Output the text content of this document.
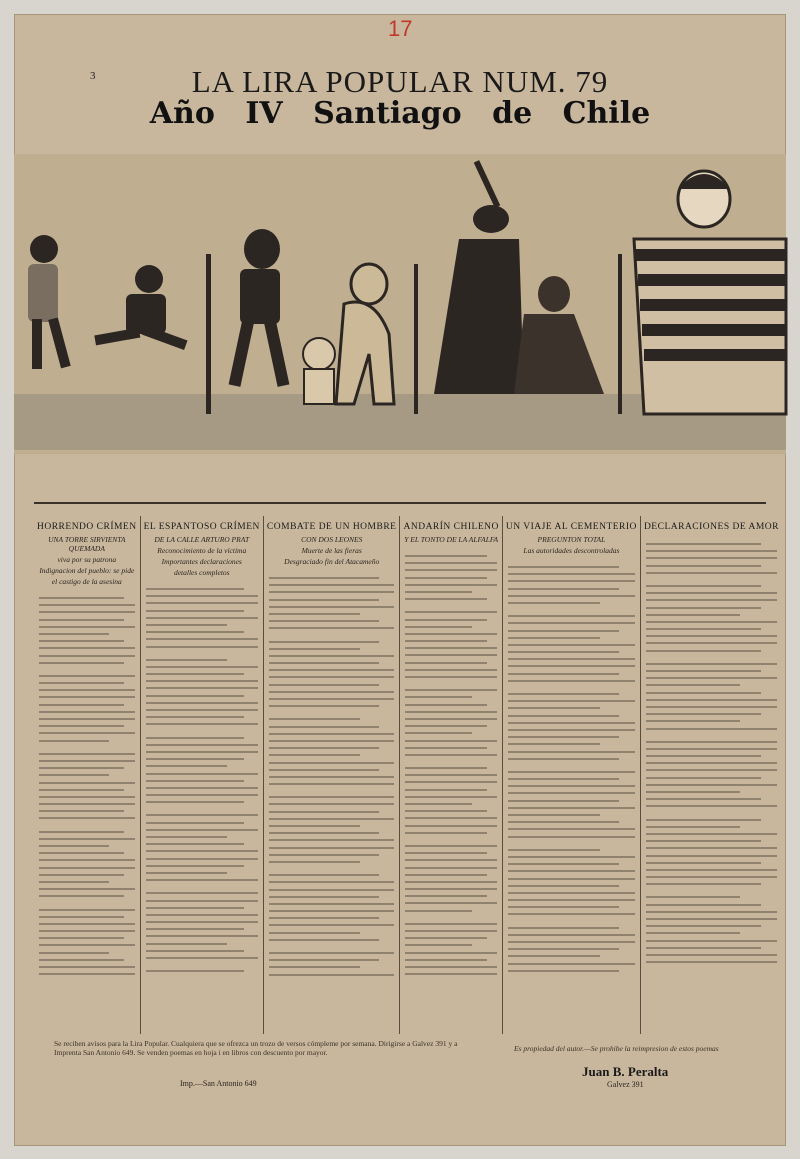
17
3	LA LIRA POPULAR NUM. 79
Año IV Santiago de Chile
HORRENDO CRÍMEN
UNA TORRE SIRVIENTA QUEMADA
viva por su patrona
Indignacion del pueblo: se pide
el castigo de la asesina
EL ESPANTOSO CRÍMEN
DE LA CALLE ARTURO PRAT
Reconocimiento de la víctima
Importantes declaraciones
detalles completos
COMBATE DE UN HOMBRE
CON DOS LEONES
Muerte de las fieras
Desgraciado fin del Atacameño
ANDARÍN CHILENO
Y EL TONTO DE LA ALFALFA
UN VIAJE AL CEMENTERIO
PREGUNTON TOTAL
Las autoridades descontroladas
DECLARACIONES DE AMOR
Se reciben avisos para la Lira Popular. Cualquiera que se ofrezca un trozo de versos cómpleme por semana. Dirigirse a Galvez 391 y a Imprenta San Antonio 649. Se venden poemas en hoja i en libros con descuento por mayor.	Es propiedad del autor.—Se prohibe la reimpresion de estos poemas
Juan B. Peralta
Galvez 391
Imp.—San Antonio 649
